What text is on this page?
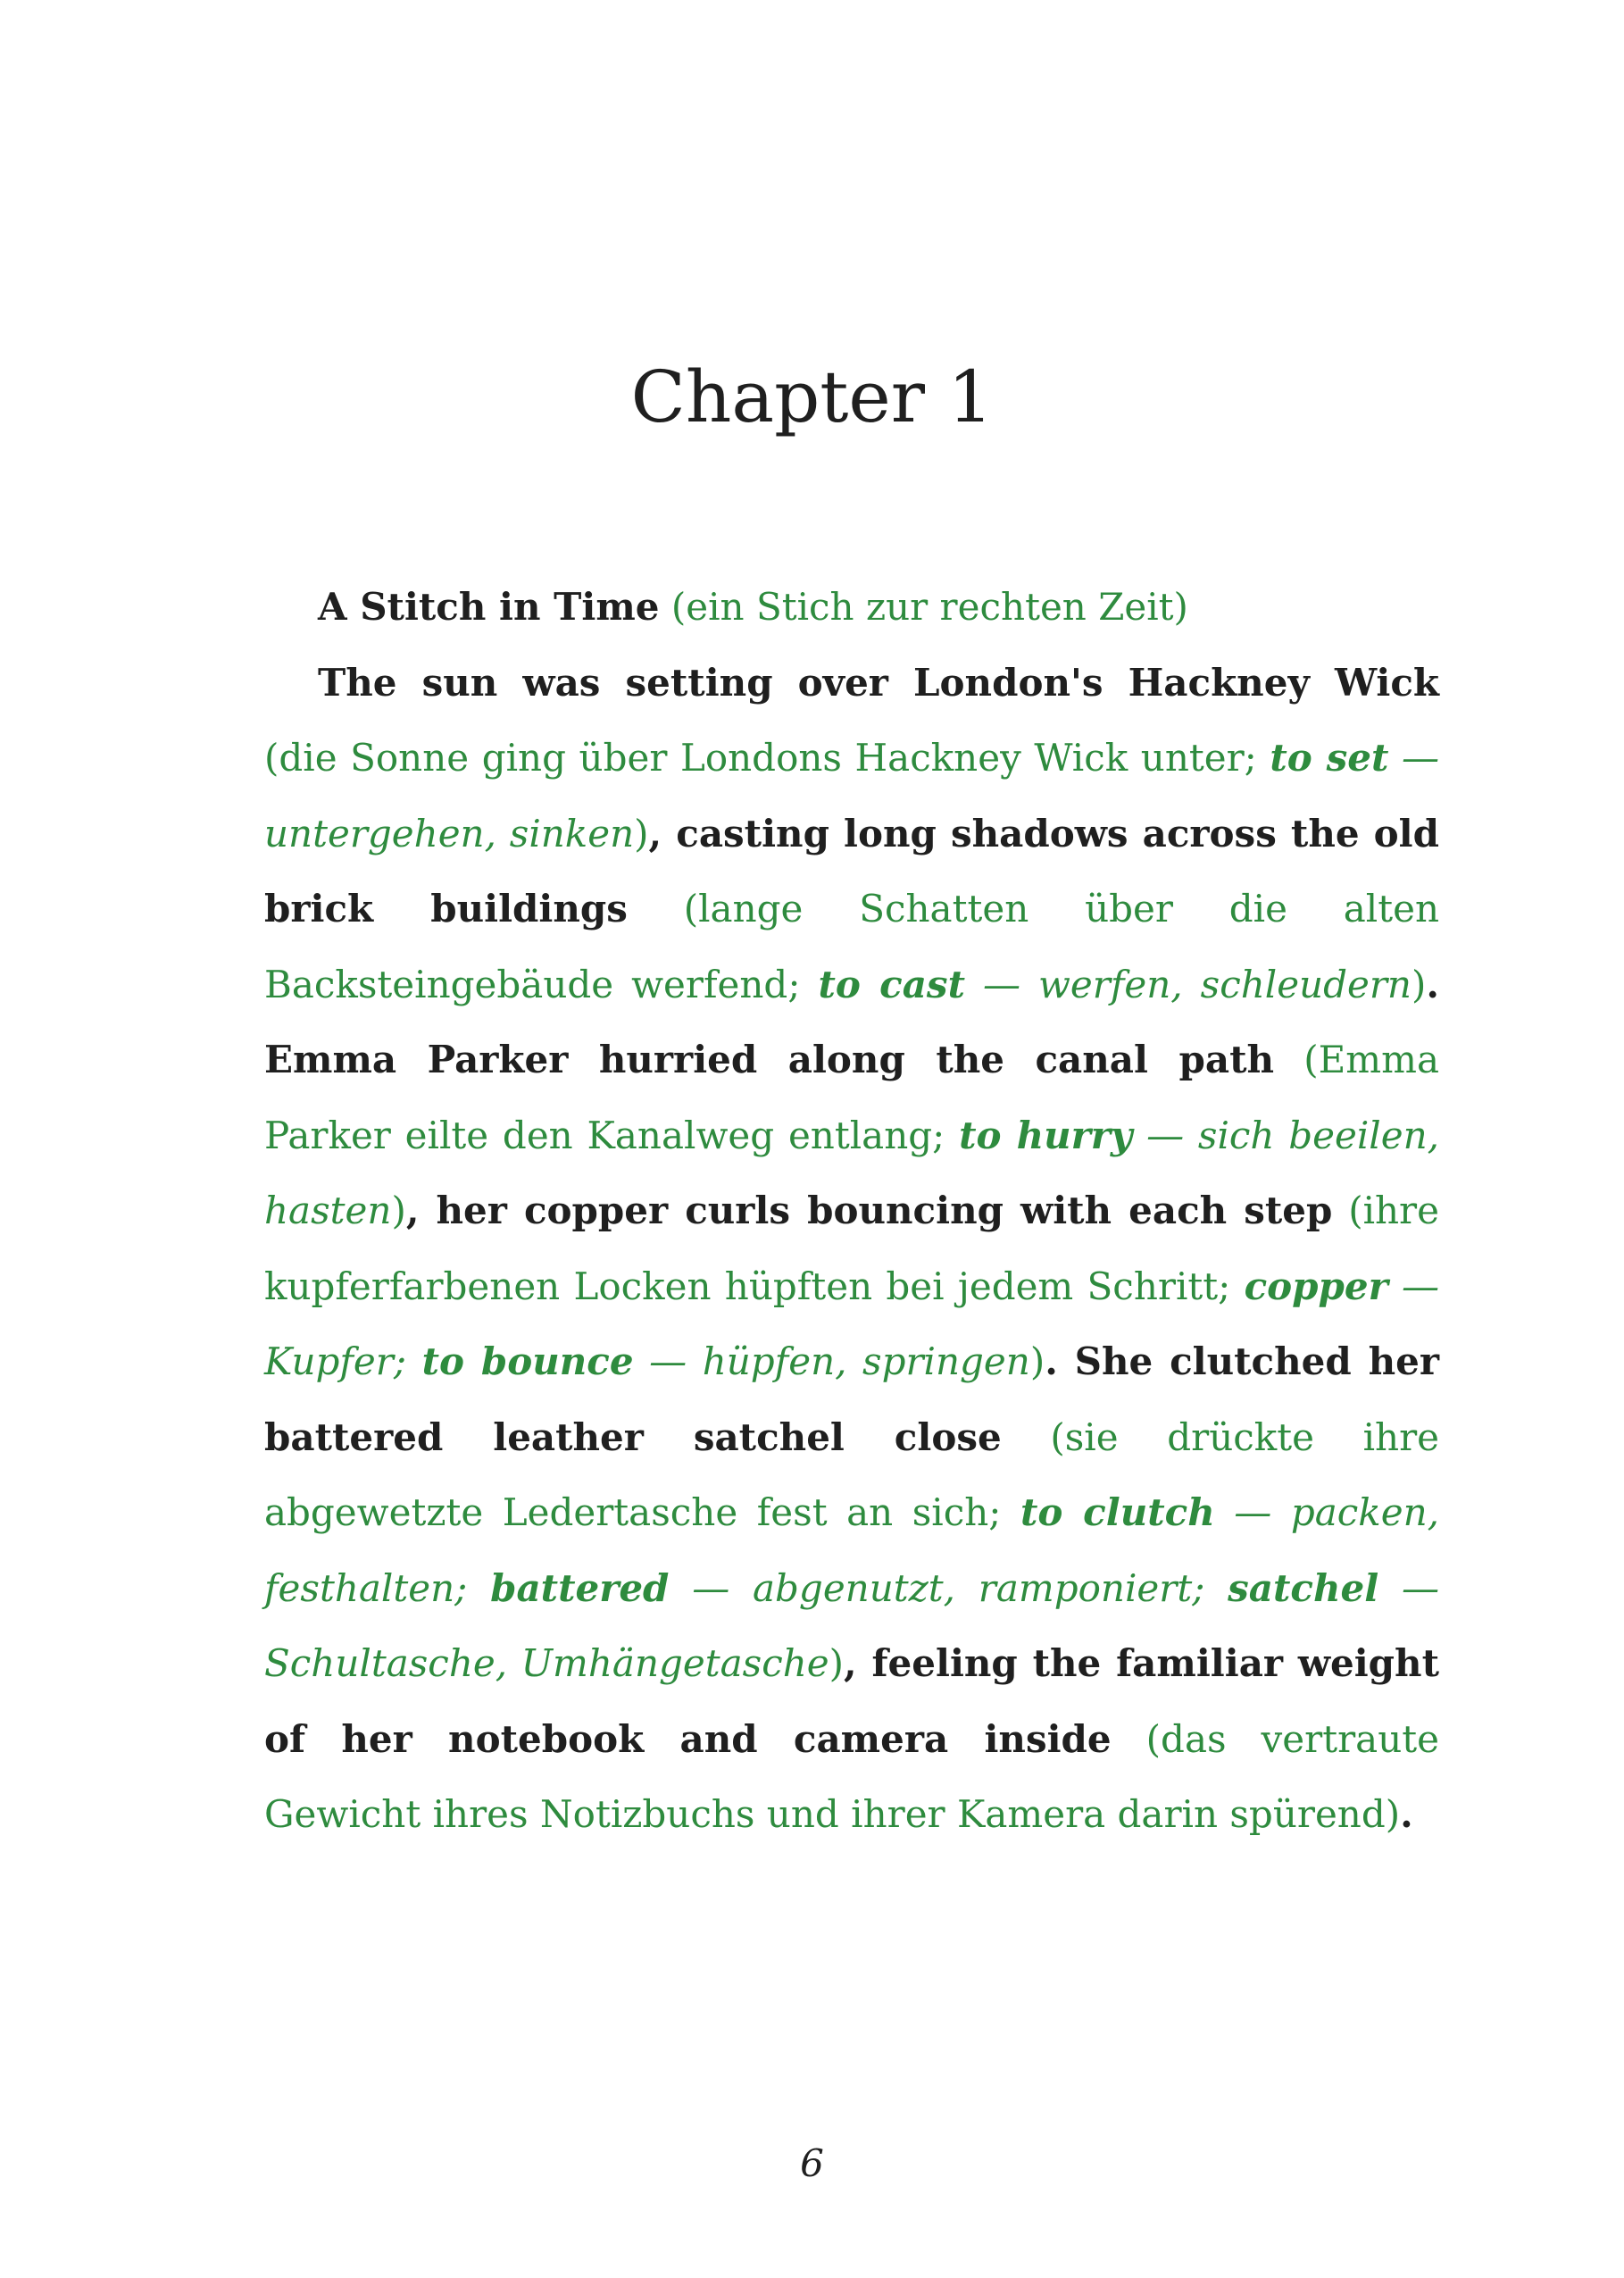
Chapter 1

A Stitch in Time (ein Stich zur rechten Zeit)

The sun was setting over London's Hackney Wick (die Sonne ging über Londons Hackney Wick unter; to set — untergehen, sinken), casting long shadows across the old brick buildings (lange Schatten über die alten Backsteingebäude werfend; to cast — werfen, schleudern). Emma Parker hurried along the canal path (Emma Parker eilte den Kanalweg entlang; to hurry — sich beeilen, hasten), her copper curls bouncing with each step (ihre kupferfarbenen Locken hüpften bei jedem Schritt; copper — Kupfer; to bounce — hüpfen, springen). She clutched her battered leather satchel close (sie drückte ihre abgewetzte Ledertasche fest an sich; to clutch — packen, festhalten; battered — abgenutzt, ramponiert; satchel — Schultasche, Umhängetasche), feeling the familiar weight of her notebook and camera inside (das vertraute Gewicht ihres Notizbuchs und ihrer Kamera darin spürend).

6
